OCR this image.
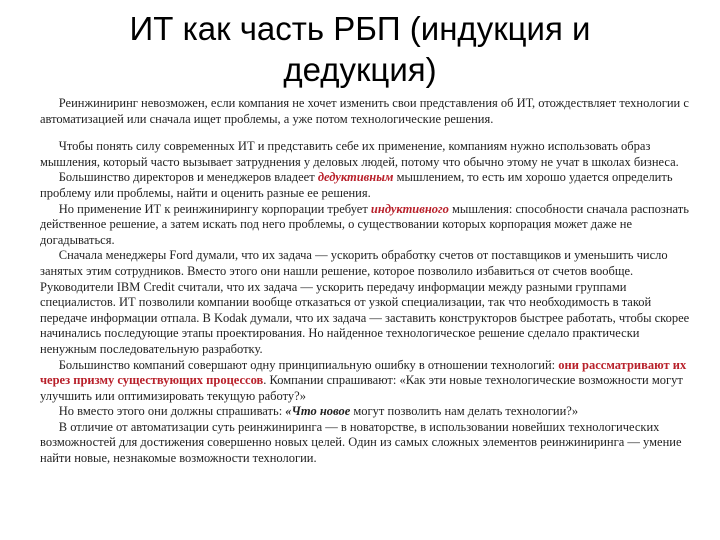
ИТ как часть РБП (индукция и дедукция)

Реинжиниринг невозможен, если компания не хочет изменить свои представления об ИТ, отождествляет технологии с автоматизацией или сначала ищет проблемы, а уже потом технологические решения.

Чтобы понять силу современных ИТ и представить себе их применение, компаниям нужно использовать образ мышления, который часто вызывает затруднения у деловых людей, потому что обычно этому не учат в школах бизнеса.

Большинство директоров и менеджеров владеет дедуктивным мышлением, то есть им хорошо удается определить проблему или проблемы, найти и оценить разные ее решения.

Но применение ИТ к реинжинирингу корпорации требует индуктивного мышления: способности сначала распознать действенное решение, а затем искать под него проблемы, о существовании которых корпорация может даже не догадываться.

Сначала менеджеры Ford думали, что их задача — ускорить обработку счетов от поставщиков и уменьшить число занятых этим сотрудников. Вместо этого они нашли решение, которое позволило избавиться от счетов вообще. Руководители IBM Credit считали, что их задача — ускорить передачу информации между разными группами специалистов. ИТ позволили компании вообще отказаться от узкой специализации, так что необходимость в такой передаче информации отпала. В Kodak думали, что их задача — заставить конструкторов быстрее работать, чтобы скорее начинались последующие этапы проектирования. Но найденное технологическое решение сделало практически ненужным последовательную разработку.

Большинство компаний совершают одну принципиальную ошибку в отношении технологий: они рассматривают их через призму существующих процессов. Компании спрашивают: «Как эти новые технологические возможности могут улучшить или оптимизировать текущую работу?»

Но вместо этого они должны спрашивать: «Что новое могут позволить нам делать технологии?»

В отличие от автоматизации суть реинжиниринга — в новаторстве, в использовании новейших технологических возможностей для достижения совершенно новых целей. Один из самых сложных элементов реинжиниринга — умение найти новые, незнакомые возможности технологии.
